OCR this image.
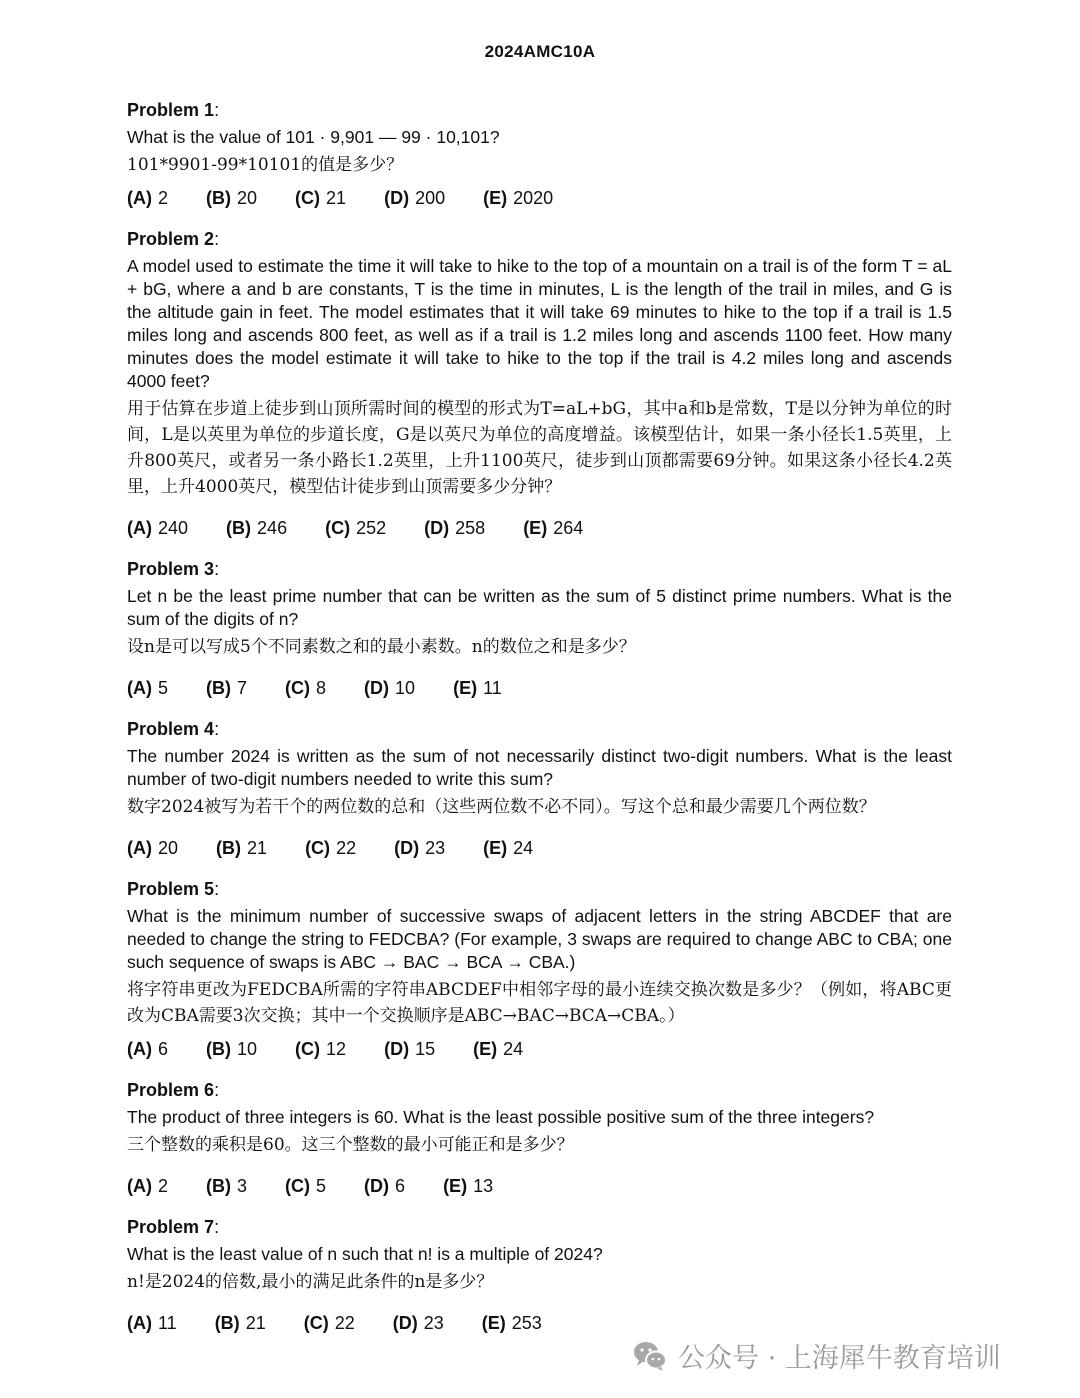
2024AMC10A
Problem 1:
What is the value of 101 · 9,901 — 99 · 10,101?
101*9901-99*10101的值是多少？
(A) 2 (B) 20 (C) 21 (D) 200 (E) 2020
Problem 2:
A model used to estimate the time it will take to hike to the top of a mountain on a trail is of the form T = aL + bG, where a and b are constants, T is the time in minutes, L is the length of the trail in miles, and G is the altitude gain in feet. The model estimates that it will take 69 minutes to hike to the top if a trail is 1.5 miles long and ascends 800 feet, as well as if a trail is 1.2 miles long and ascends 1100 feet. How many minutes does the model estimate it will take to hike to the top if the trail is 4.2 miles long and ascends 4000 feet?
用于估算在步道上徒步到山顶所需时间的模型的形式为T=aL+bG，其中a和b是常数，T是以分钟为单位的时间，L是以英里为单位的步道长度，G是以英尺为单位的高度增益。该模型估计，如果一条小径长1.5英里，上升800英尺，或者另一条小路长1.2英里，上升1100英尺，徒步到山顶都需要69分钟。如果这条小径长4.2英里，上升4000英尺，模型估计徒步到山顶需要多少分钟？
(A) 240 (B) 246 (C) 252 (D) 258 (E) 264
Problem 3:
Let n be the least prime number that can be written as the sum of 5 distinct prime numbers. What is the sum of the digits of n?
设n是可以写成5个不同素数之和的最小素数。n的数位之和是多少？
(A) 5 (B) 7 (C) 8 (D) 10 (E) 11
Problem 4:
The number 2024 is written as the sum of not necessarily distinct two-digit numbers. What is the least number of two-digit numbers needed to write this sum?
数字2024被写为若干个的两位数的总和（这些两位数不必不同）。写这个总和最少需要几个两位数？
(A) 20 (B) 21 (C) 22 (D) 23 (E) 24
Problem 5:
What is the minimum number of successive swaps of adjacent letters in the string ABCDEF that are needed to change the string to FEDCBA? (For example, 3 swaps are required to change ABC to CBA; one such sequence of swaps is ABC → BAC → BCA → CBA.)
将字符串更改为FEDCBA所需的字符串ABCDEF中相邻字母的最小连续交换次数是多少？（例如，将ABC更改为CBA需要3次交换；其中一个交换顺序是ABC→BAC→BCA→CBA。）
(A) 6 (B) 10 (C) 12 (D) 15 (E) 24
Problem 6:
The product of three integers is 60. What is the least possible positive sum of the three integers?
三个整数的乘积是60。这三个整数的最小可能正和是多少？
(A) 2 (B) 3 (C) 5 (D) 6 (E) 13
Problem 7:
What is the least value of n such that n! is a multiple of 2024?
n!是2024的倍数,最小的满足此条件的n是多少？
(A) 11 (B) 21 (C) 22 (D) 23 (E) 253
公众号 · 上海犀牛教育培训
